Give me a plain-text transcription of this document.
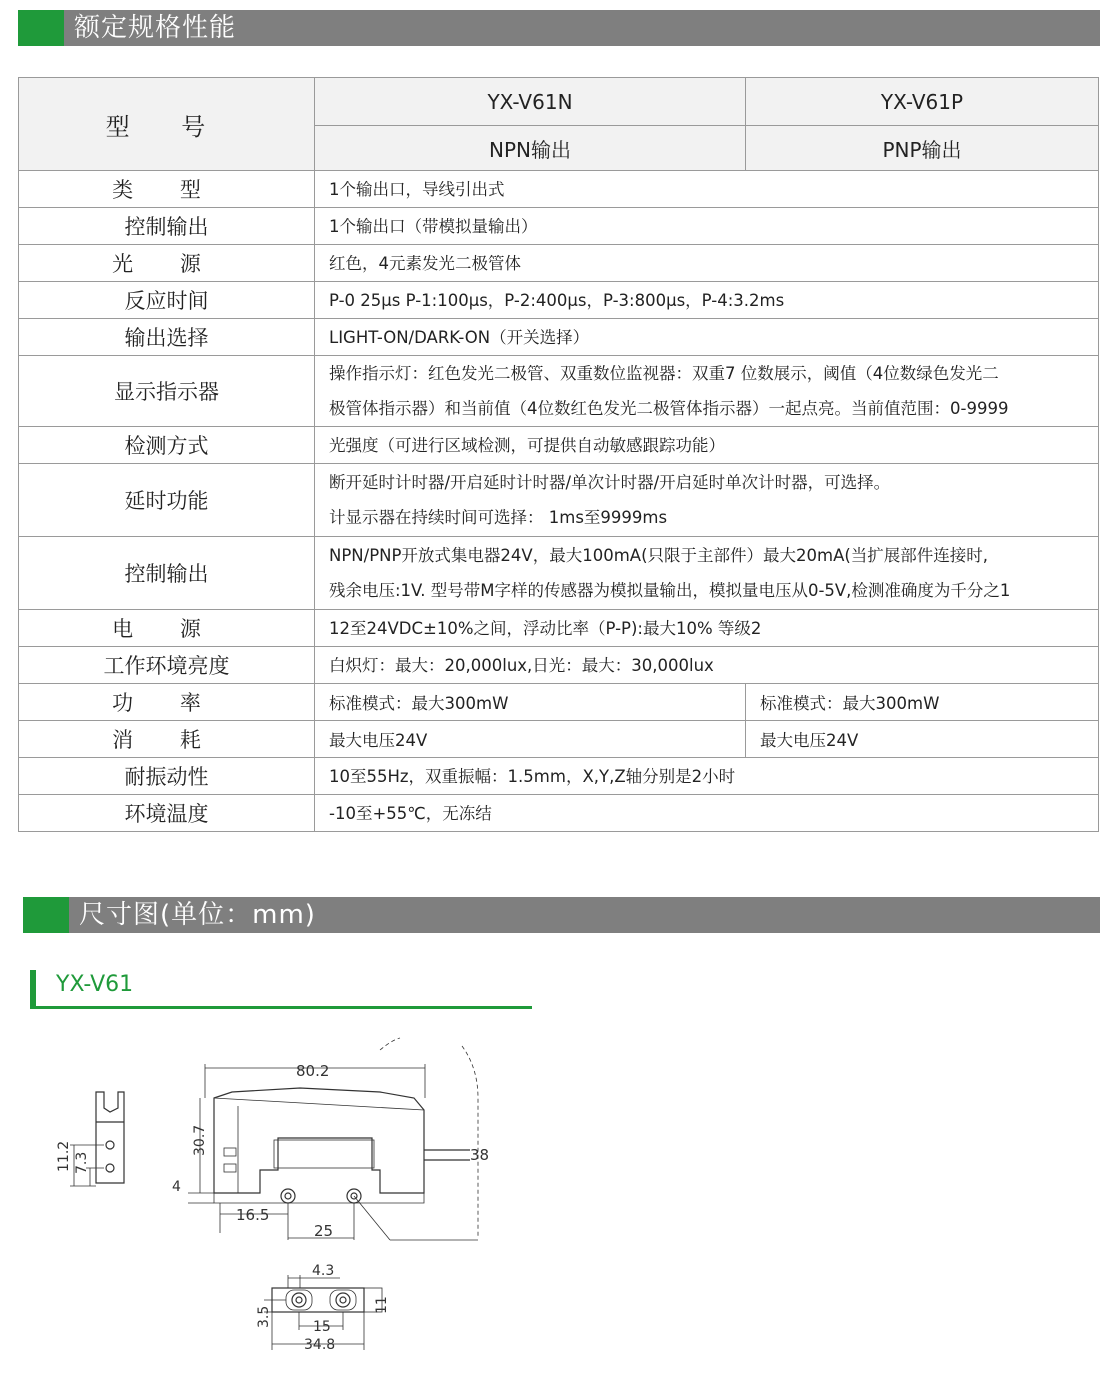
额定规格性能
型 号	YX-V61N	YX-V61P
	NPN输出	PNP输出
类 型	1个输出口，导线引出式	

控制输出	1个输出口（带模拟量输出）	

光 源	红色，4元素发光二极管体	

反应时间	P-0 25μs P-1:100μs，P-2:400μs，P-3:800μs，P-4:3.2ms	

输出选择	LIGHT-ON/DARK-ON（开关选择）	

显示指示器	操作指示灯：红色发光二极管、双重数位监视器：双重7 位数展示，阈值（4位数绿色发光二
极管体指示器）和当前值（4位数红色发光二极管体指示器）一起点亮。当前值范围：0-9999	

检测方式	光强度（可进行区域检测，可提供自动敏感跟踪功能）	

延时功能	断开延时计时器/开启延时计时器/单次计时器/开启延时单次计时器，可选择。
计显示器在持续时间可选择： 1ms至9999ms	

控制输出	NPN/PNP开放式集电器24V，最大100mA(只限于主部件）最大20mA(当扩展部件连接时,
残余电压:1V. 型号带M字样的传感器为模拟量输出，模拟量电压从0-5V,检测准确度为千分之1	

电 源	12至24VDC±10%之间，浮动比率（P-P):最大10% 等级2	

工作环境亮度	白炽灯：最大：20,000lux,日光：最大：30,000lux	

功 率	标准模式：最大300mW	标准模式：最大300mW
消 耗	最大电压24V	最大电压24V
耐振动性	10至55Hz，双重振幅：1.5mm，X,Y,Z轴分别是2小时	

环境温度	-10至+55℃，无冻结	
尺寸图(单位：mm)
YX-V61
11.2 7.3
80.2
38
30.7
4
16.5
25
4.3
3.5
11
15
34.8
